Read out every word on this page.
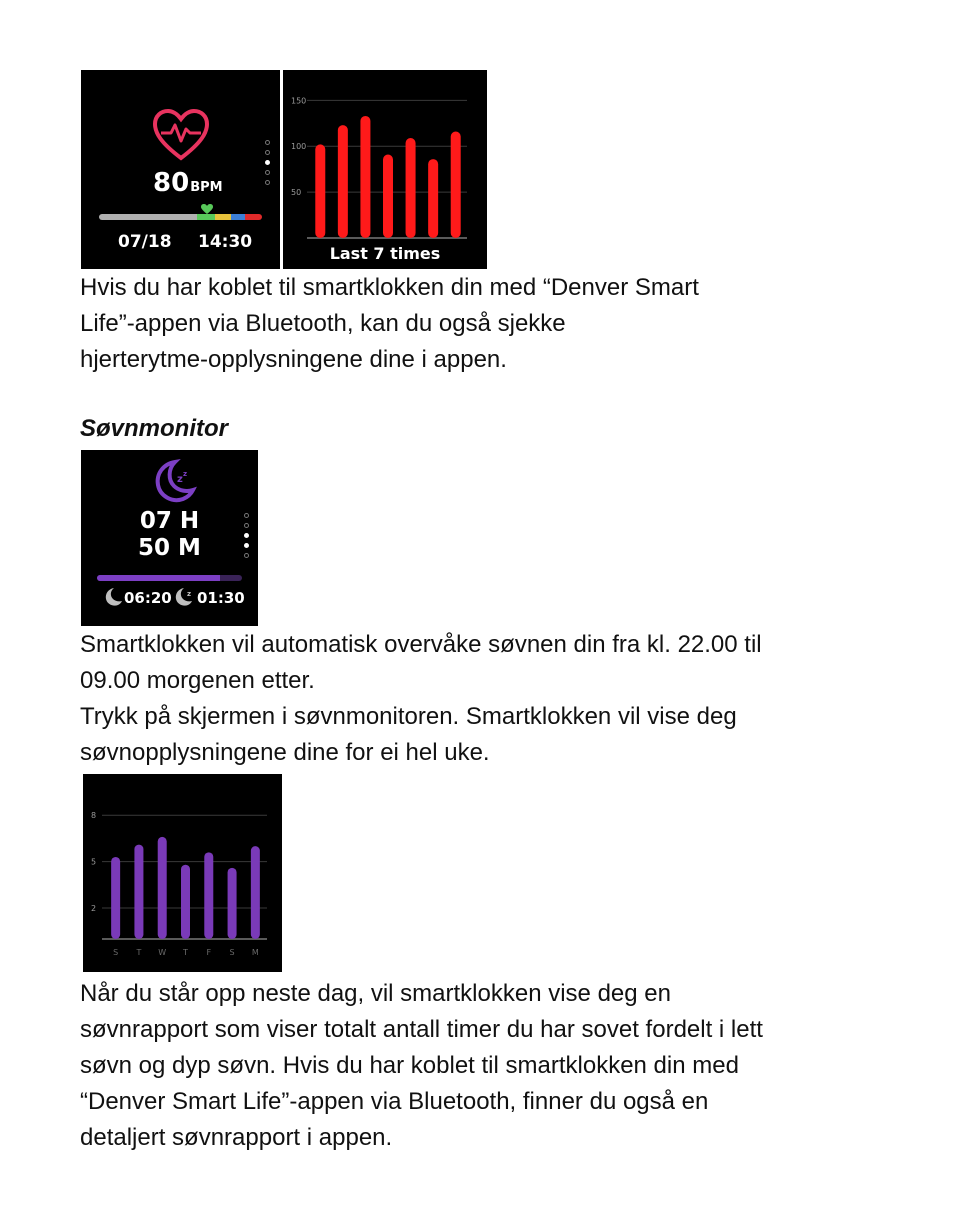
80BPM
07/18 14:30
50
100
150
Last 7 times

Hvis du har koblet til smartklokken din med “Denver Smart
Life”-appen via Bluetooth, kan du også sjekke
hjerterytme-opplysningene dine i appen.

Søvnmonitor
z z
07 H
50 M
06:20 z 01:30

Smartklokken vil automatisk overvåke søvnen din fra kl. 22.00 til
09.00 morgenen etter.
Trykk på skjermen i søvnmonitoren. Smartklokken vil vise deg
søvnopplysningene dine for ei hel uke.

2
5
8
S T W T F S M

Når du står opp neste dag, vil smartklokken vise deg en
søvnrapport som viser totalt antall timer du har sovet fordelt i lett
søvn og dyp søvn. Hvis du har koblet til smartklokken din med
“Denver Smart Life”-appen via Bluetooth, finner du også en
detaljert søvnrapport i appen.
